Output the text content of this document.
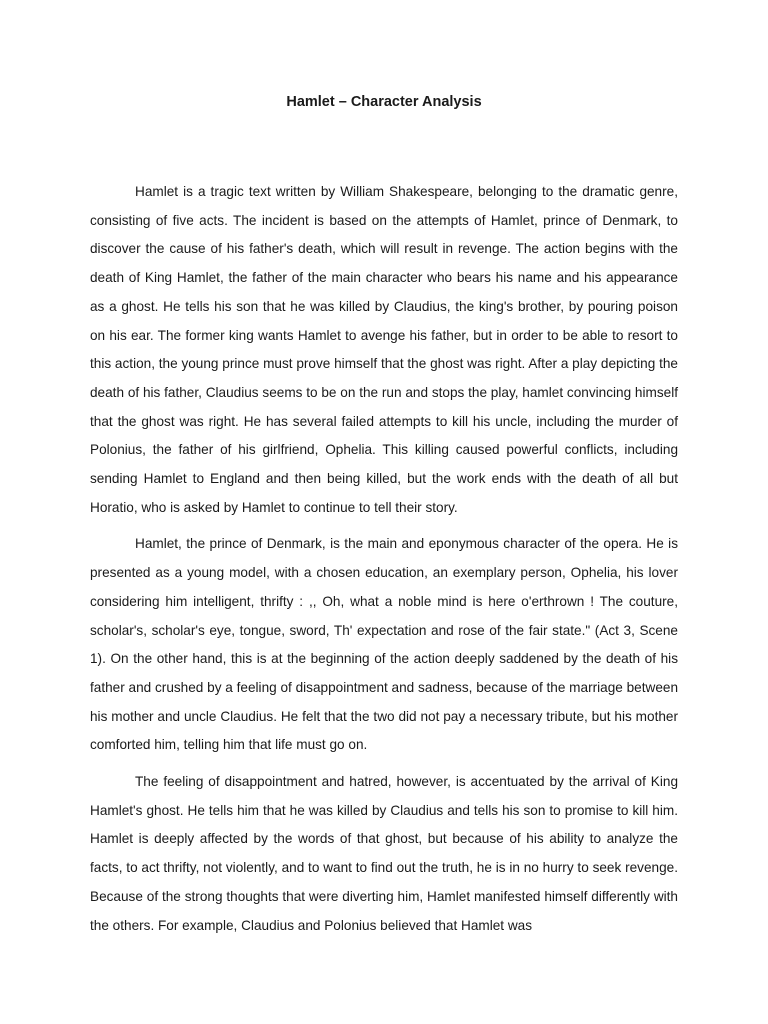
Hamlet – Character Analysis

Hamlet is a tragic text written by William Shakespeare, belonging to the dramatic genre, consisting of five acts. The incident is based on the attempts of Hamlet, prince of Denmark, to discover the cause of his father's death, which will result in revenge. The action begins with the death of King Hamlet, the father of the main character who bears his name and his appearance as a ghost. He tells his son that he was killed by Claudius, the king's brother, by pouring poison on his ear. The former king wants Hamlet to avenge his father, but in order to be able to resort to this action, the young prince must prove himself that the ghost was right. After a play depicting the death of his father, Claudius seems to be on the run and stops the play, hamlet convincing himself that the ghost was right. He has several failed attempts to kill his uncle, including the murder of Polonius, the father of his girlfriend, Ophelia. This killing caused powerful conflicts, including sending Hamlet to England and then being killed, but the work ends with the death of all but Horatio, who is asked by Hamlet to continue to tell their story.

Hamlet, the prince of Denmark, is the main and eponymous character of the opera. He is presented as a young model, with a chosen education, an exemplary person, Ophelia, his lover considering him intelligent, thrifty : ,, Oh, what a noble mind is here o'erthrown ! The couture, scholar's, scholar's eye, tongue, sword, Th' expectation and rose of the fair state." (Act 3, Scene 1). On the other hand, this is at the beginning of the action deeply saddened by the death of his father and crushed by a feeling of disappointment and sadness, because of the marriage between his mother and uncle Claudius. He felt that the two did not pay a necessary tribute, but his mother comforted him, telling him that life must go on.

The feeling of disappointment and hatred, however, is accentuated by the arrival of King Hamlet's ghost. He tells him that he was killed by Claudius and tells his son to promise to kill him. Hamlet is deeply affected by the words of that ghost, but because of his ability to analyze the facts, to act thrifty, not violently, and to want to find out the truth, he is in no hurry to seek revenge. Because of the strong thoughts that were diverting him, Hamlet manifested himself differently with the others. For example, Claudius and Polonius believed that Hamlet was
